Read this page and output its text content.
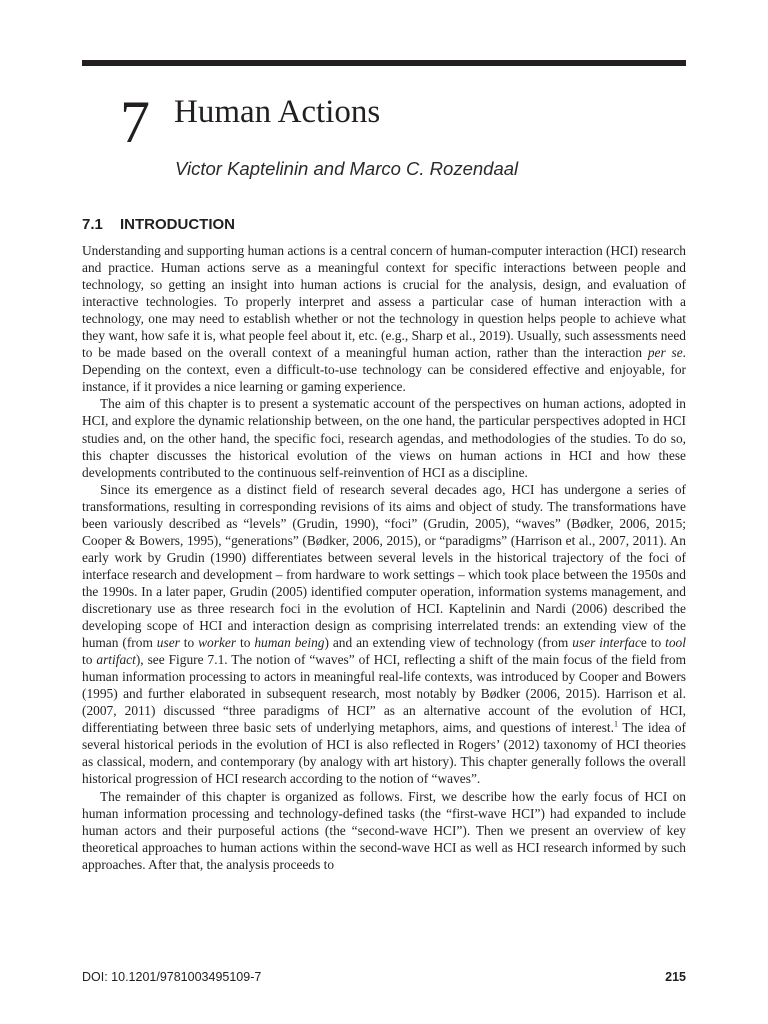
7 Human Actions
Victor Kaptelinin and Marco C. Rozendaal
7.1 INTRODUCTION

Understanding and supporting human actions is a central concern of human-computer interaction (HCI) research and practice. Human actions serve as a meaningful context for specific interactions between people and technology, so getting an insight into human actions is crucial for the analysis, design, and evaluation of interactive technologies. To properly interpret and assess a particular case of human interaction with a technology, one may need to establish whether or not the technology in question helps people to achieve what they want, how safe it is, what people feel about it, etc. (e.g., Sharp et al., 2019). Usually, such assessments need to be made based on the overall context of a meaningful human action, rather than the interaction per se. Depending on the context, even a difficult-to-use technology can be considered effective and enjoyable, for instance, if it provides a nice learning or gaming experience.

The aim of this chapter is to present a systematic account of the perspectives on human actions, adopted in HCI, and explore the dynamic relationship between, on the one hand, the particular perspectives adopted in HCI studies and, on the other hand, the specific foci, research agendas, and methodologies of the studies. To do so, this chapter discusses the historical evolution of the views on human actions in HCI and how these developments contributed to the continuous self-reinvention of HCI as a discipline.

Since its emergence as a distinct field of research several decades ago, HCI has undergone a series of transformations, resulting in corresponding revisions of its aims and object of study. The transformations have been variously described as “levels” (Grudin, 1990), “foci” (Grudin, 2005), “waves” (Bødker, 2006, 2015; Cooper & Bowers, 1995), “generations” (Bødker, 2006, 2015), or “paradigms” (Harrison et al., 2007, 2011). An early work by Grudin (1990) differentiates between several levels in the historical trajectory of the foci of interface research and development – from hardware to work settings – which took place between the 1950s and the 1990s. In a later paper, Grudin (2005) identified computer operation, information systems management, and discretionary use as three research foci in the evolution of HCI. Kaptelinin and Nardi (2006) described the developing scope of HCI and interaction design as comprising interrelated trends: an extending view of the human (from user to worker to human being) and an extending view of technology (from user interface to tool to artifact), see Figure 7.1. The notion of “waves” of HCI, reflecting a shift of the main focus of the field from human information processing to actors in meaningful real-life contexts, was introduced by Cooper and Bowers (1995) and further elaborated in subsequent research, most notably by Bødker (2006, 2015). Harrison et al. (2007, 2011) discussed “three paradigms of HCI” as an alternative account of the evolution of HCI, differentiating between three basic sets of underlying metaphors, aims, and questions of interest.$^1$ The idea of several historical periods in the evolution of HCI is also reflected in Rogers’ (2012) taxonomy of HCI theories as classical, modern, and contemporary (by analogy with art history). This chapter generally follows the overall historical progression of HCI research according to the notion of “waves”.

The remainder of this chapter is organized as follows. First, we describe how the early focus of HCI on human information processing and technology-defined tasks (the “first-wave HCI”) had expanded to include human actors and their purposeful actions (the “second-wave HCI”). Then we present an overview of key theoretical approaches to human actions within the second-wave HCI as well as HCI research informed by such approaches. After that, the analysis proceeds to

DOI: 10.1201/9781003495109-7	215
